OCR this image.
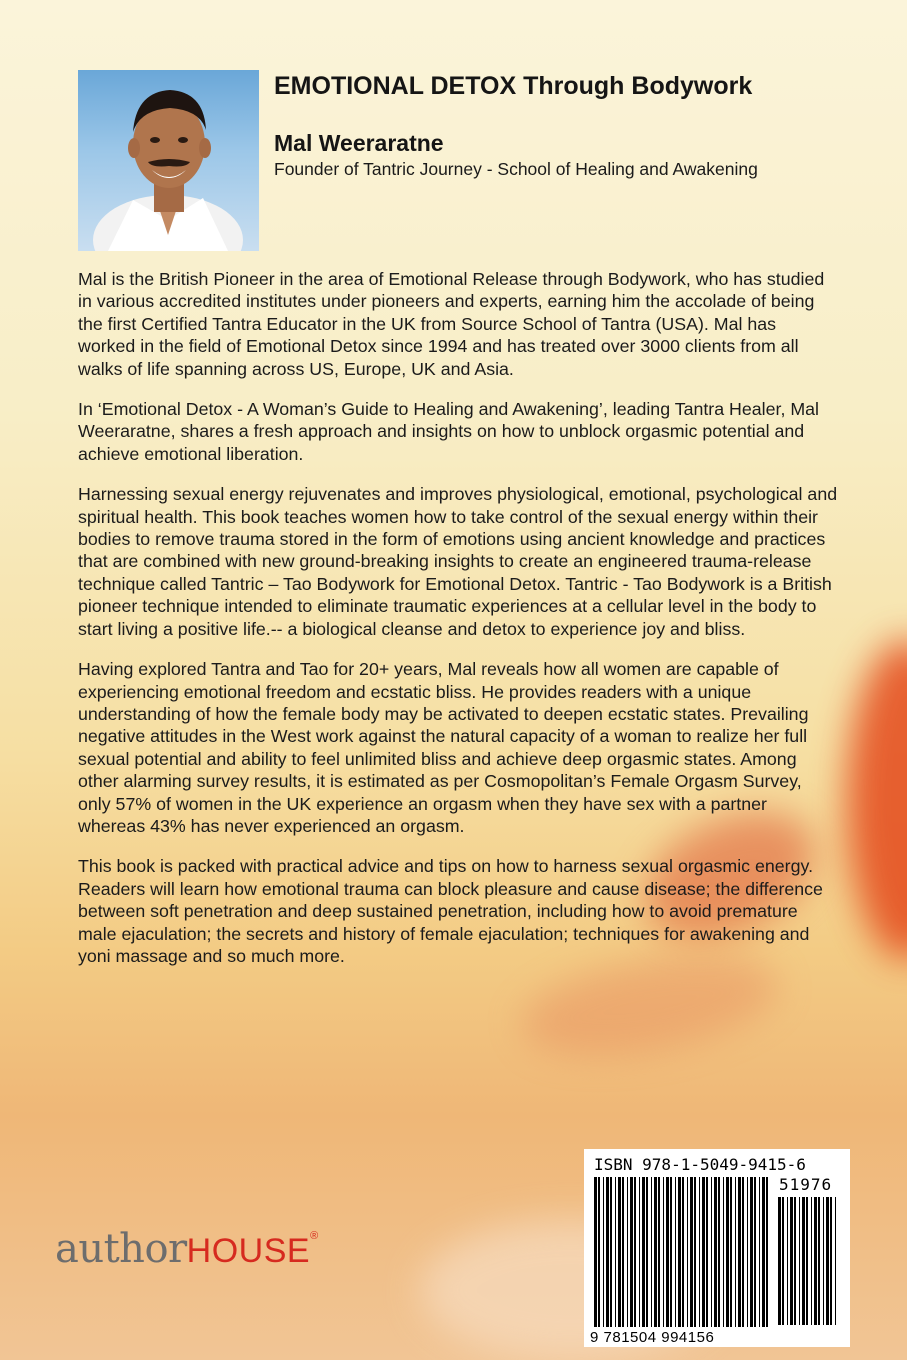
EMOTIONAL DETOX Through Bodywork
Mal Weeraratne
Founder of Tantric Journey - School of Healing and Awakening

Mal is the British Pioneer in the area of Emotional Release through Bodywork, who has studied in various accredited institutes under pioneers and experts, earning him the accolade of being the first Certified Tantra Educator in the UK from Source School of Tantra (USA). Mal has worked in the field of Emotional Detox since 1994 and has treated over 3000 clients from all walks of life spanning across US, Europe, UK and Asia.

In ‘Emotional Detox - A Woman’s Guide to Healing and Awakening’, leading Tantra Healer, Mal Weeraratne, shares a fresh approach and insights on how to unblock orgasmic potential and achieve emotional liberation.

Harnessing sexual energy rejuvenates and improves physiological, emotional, psychological and spiritual health. This book teaches women how to take control of the sexual energy within their bodies to remove trauma stored in the form of emotions using ancient knowledge and practices that are combined with new ground-breaking insights to create an engineered trauma-release technique called Tantric – Tao Bodywork for Emotional Detox. Tantric - Tao Bodywork is a British pioneer technique intended to eliminate traumatic experiences at a cellular level in the body to start living a positive life.-- a biological cleanse and detox to experience joy and bliss.

Having explored Tantra and Tao for 20+ years, Mal reveals how all women are capable of experiencing emotional freedom and ecstatic bliss. He provides readers with a unique understanding of how the female body may be activated to deepen ecstatic states. Prevailing negative attitudes in the West work against the natural capacity of a woman to realize her full sexual potential and ability to feel unlimited bliss and achieve deep orgasmic states. Among other alarming survey results, it is estimated as per Cosmopolitan’s Female Orgasm Survey, only 57% of women in the UK experience an orgasm when they have sex with a partner whereas 43% has never experienced an orgasm.

This book is packed with practical advice and tips on how to harness sexual orgasmic energy. Readers will learn how emotional trauma can block pleasure and cause disease; the difference between soft penetration and deep sustained penetration, including how to avoid premature male ejaculation; the secrets and history of female ejaculation; techniques for awakening and yoni massage and so much more.

authorHOUSE®
ISBN 978-1-5049-9415-6
51976
9 781504 994156
